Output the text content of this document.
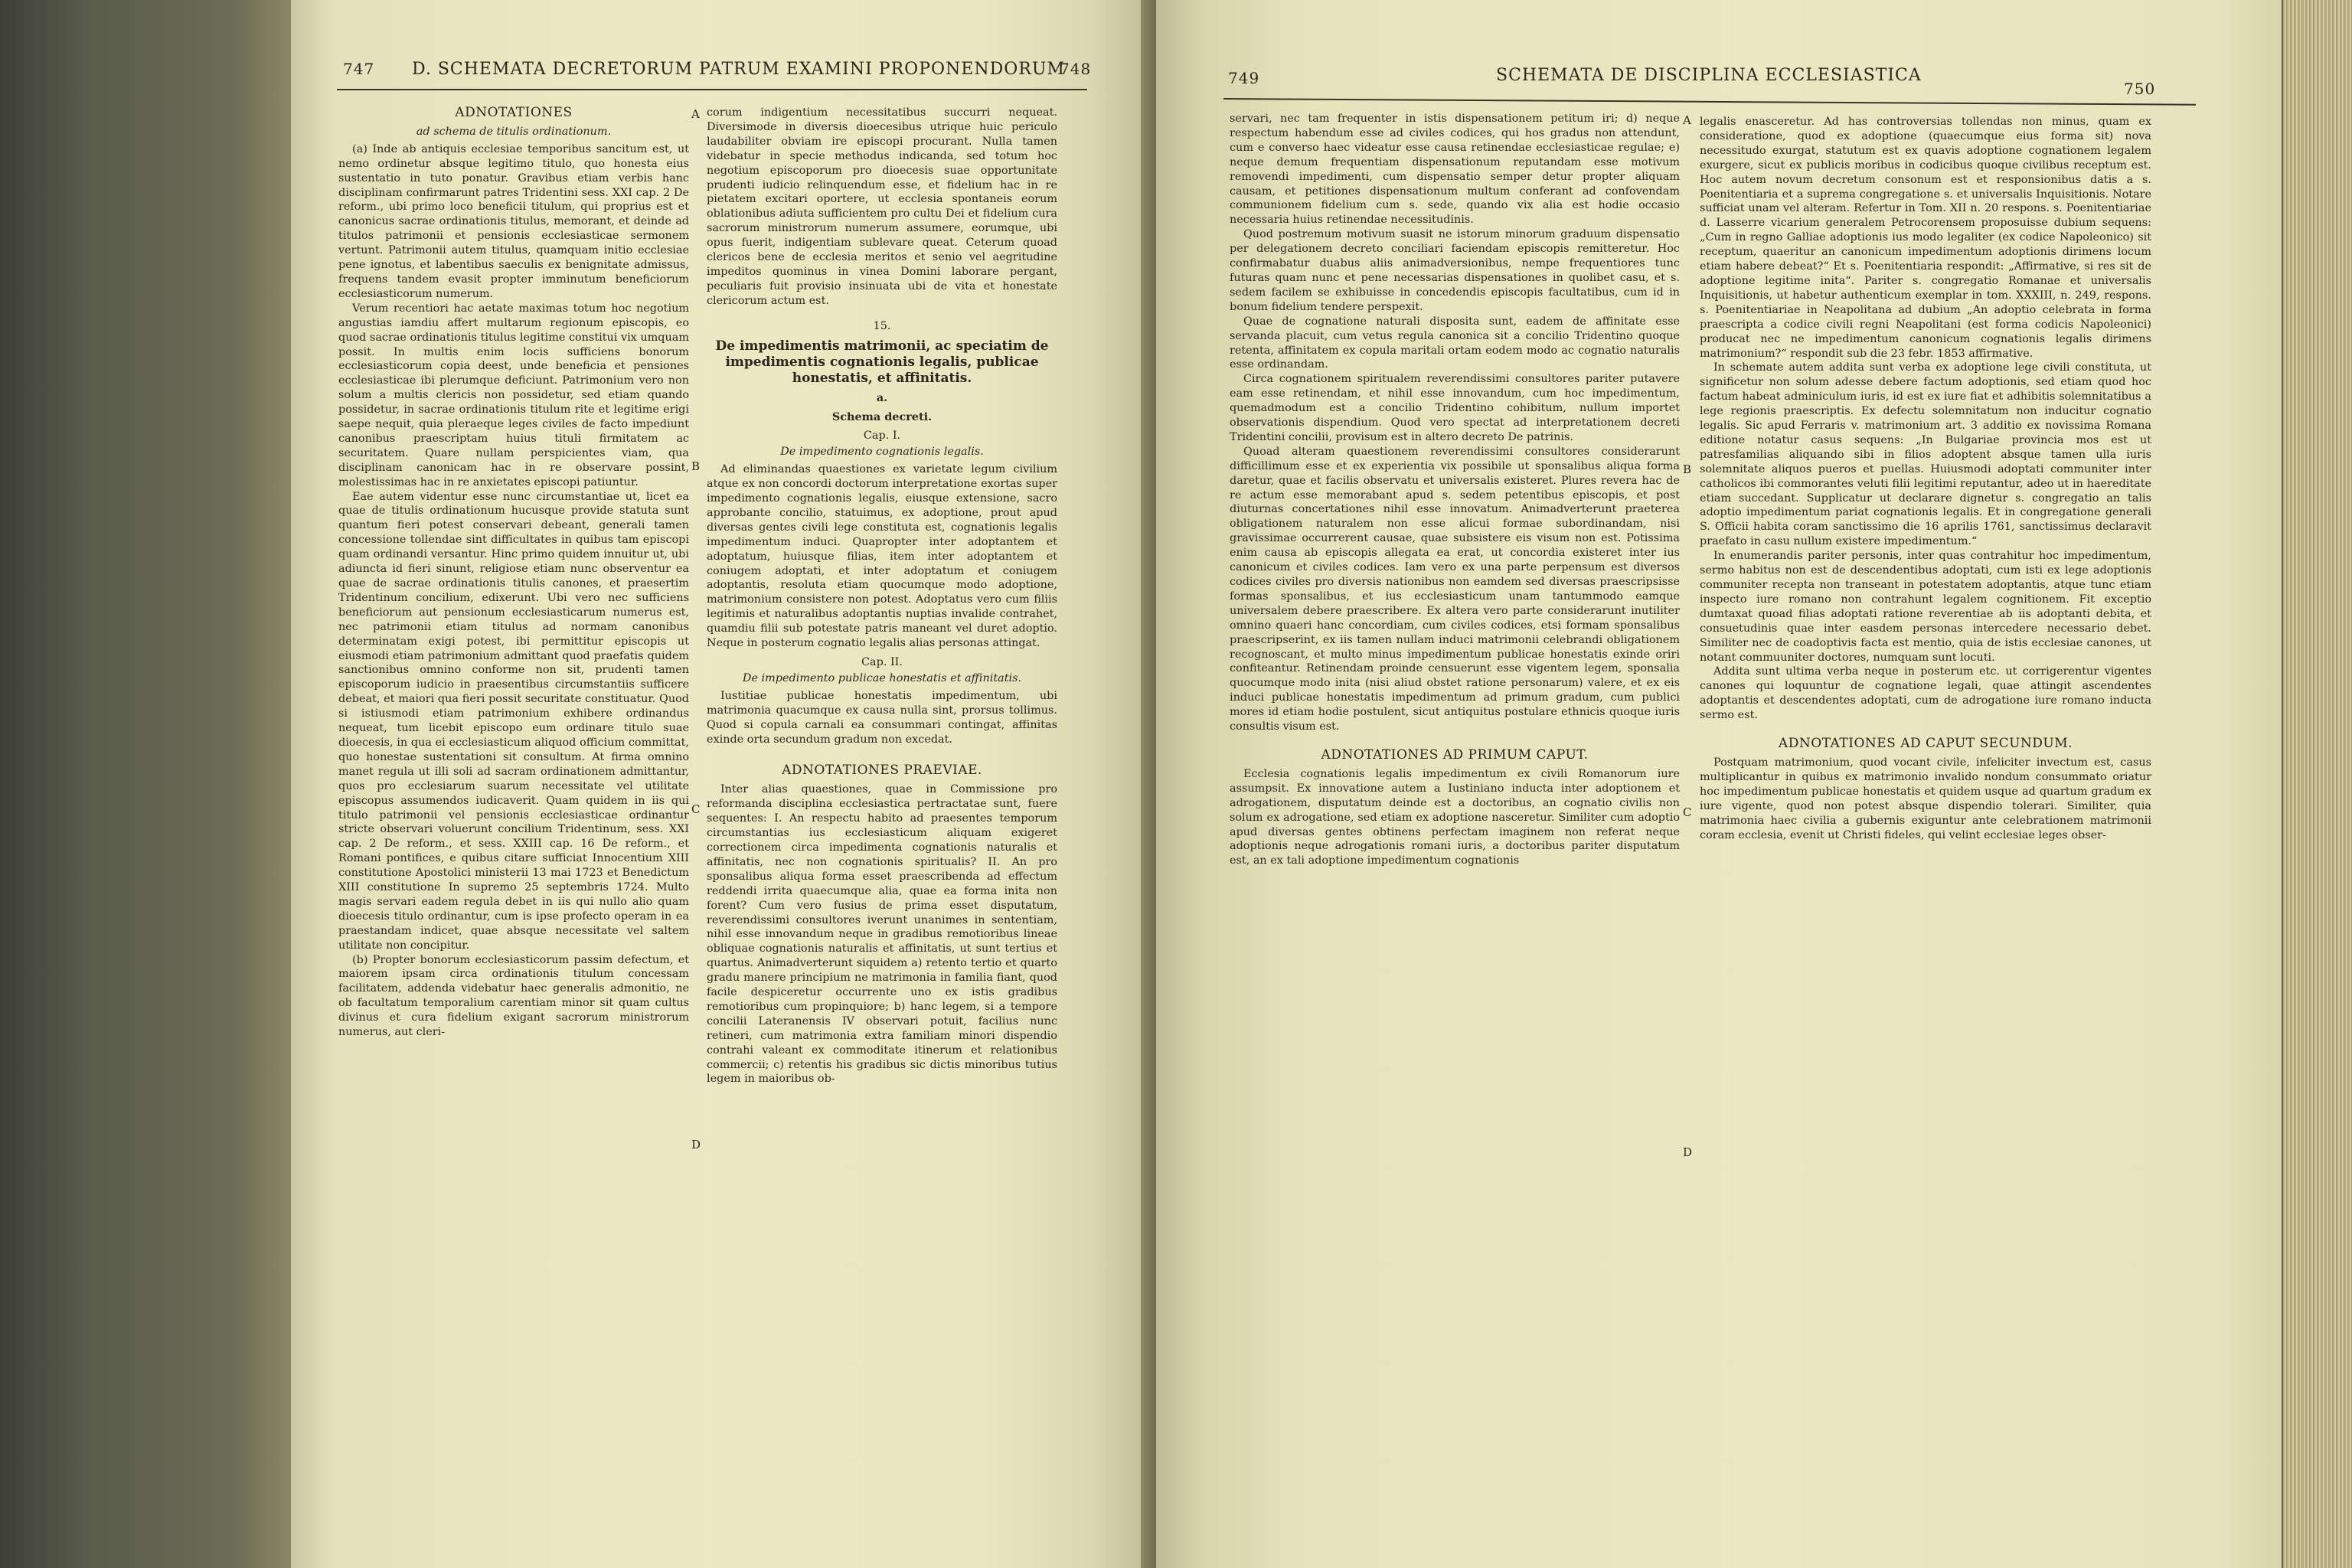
747 D. SCHEMATA DECRETORUM PATRUM EXAMINI PROPONENDORUM
748
ADNOTATIONES

ad schema de titulis ordinationum.

(a) Inde ab antiquis ecclesiae temporibus sancitum est, ut nemo ordinetur absque legitimo titulo, quo honesta eius sustentatio in tuto ponatur. Gravibus etiam verbis hanc disciplinam confirmarunt patres Tridentini sess. XXI cap. 2 De reform., ubi primo loco beneficii titulum, qui proprius est et canonicus sacrae ordinationis titulus, memorant, et deinde ad titulos patrimonii et pensionis ecclesiasticae sermonem vertunt. Patrimonii autem titulus, quamquam initio ecclesiae pene ignotus, et labentibus saeculis ex benignitate admissus, frequens tandem evasit propter imminutum beneficiorum ecclesiasticorum numerum.

Verum recentiori hac aetate maximas totum hoc negotium angustias iamdiu affert multarum regionum episcopis, eo quod sacrae ordinationis titulus legitime constitui vix umquam possit. In multis enim locis sufficiens bonorum ecclesiasticorum copia deest, unde beneficia et pensiones ecclesiasticae ibi plerumque deficiunt. Patrimonium vero non solum a multis clericis non possidetur, sed etiam quando possidetur, in sacrae ordinationis titulum rite et legitime erigi saepe nequit, quia pleraeque leges civiles de facto impediunt canonibus praescriptam huius tituli firmitatem ac securitatem. Quare nullam perspicientes viam, qua disciplinam canonicam hac in re observare possint, molestissimas hac in re anxietates episcopi patiuntur.

Eae autem videntur esse nunc circumstantiae ut, licet ea quae de titulis ordinationum hucusque provide statuta sunt quantum fieri potest conservari debeant, generali tamen concessione tollendae sint difficultates in quibus tam episcopi quam ordinandi versantur. Hinc primo quidem innuitur ut, ubi adiuncta id fieri sinunt, religiose etiam nunc observentur ea quae de sacrae ordinationis titulis canones, et praesertim Tridentinum concilium, edixerunt. Ubi vero nec sufficiens beneficiorum aut pensionum ecclesiasticarum numerus est, nec patrimonii etiam titulus ad normam canonibus determinatam exigi potest, ibi permittitur episcopis ut eiusmodi etiam patrimonium admittant quod praefatis quidem sanctionibus omnino conforme non sit, prudenti tamen episcoporum iudicio in praesentibus circumstantiis sufficere debeat, et maiori qua fieri possit securitate constituatur. Quod si istiusmodi etiam patrimonium exhibere ordinandus nequeat, tum licebit episcopo eum ordinare titulo suae dioecesis, in qua ei ecclesiasticum aliquod officium committat, quo honestae sustentationi sit consultum. At firma omnino manet regula ut illi soli ad sacram ordinationem admittantur, quos pro ecclesiarum suarum necessitate vel utilitate episcopus assumendos iudicaverit. Quam quidem in iis qui titulo patrimonii vel pensionis ecclesiasticae ordinantur stricte observari voluerunt concilium Tridentinum, sess. XXI cap. 2 De reform., et sess. XXIII cap. 16 De reform., et Romani pontifices, e quibus citare sufficiat Innocentium XIII constitutione Apostolici ministerii 13 mai 1723 et Benedictum XIII constitutione In supremo 25 septembris 1724. Multo magis servari eadem regula debet in iis qui nullo alio quam dioecesis titulo ordinantur, cum is ipse profecto operam in ea praestandam indicet, quae absque necessitate vel saltem utilitate non concipitur.

(b) Propter bonorum ecclesiasticorum passim defectum, et maiorem ipsam circa ordinationis titulum concessam facilitatem, addenda videbatur haec generalis admonitio, ne ob facultatum temporalium carentiam minor sit quam cultus divinus et cura fidelium exigant sacrorum ministrorum numerus, aut cleri-

A
B
C
D

corum indigentium necessitatibus succurri nequeat. Diversimode in diversis dioecesibus utrique huic periculo laudabiliter obviam ire episcopi procurant. Nulla tamen videbatur in specie methodus indicanda, sed totum hoc negotium episcoporum pro dioecesis suae opportunitate prudenti iudicio relinquendum esse, et fidelium hac in re pietatem excitari oportere, ut ecclesia spontaneis eorum oblationibus adiuta sufficientem pro cultu Dei et fidelium cura sacrorum ministrorum numerum assumere, eorumque, ubi opus fuerit, indigentiam sublevare queat. Ceterum quoad clericos bene de ecclesia meritos et senio vel aegritudine impeditos quominus in vinea Domini laborare pergant, peculiaris fuit provisio insinuata ubi de vita et honestate clericorum actum est.

15.

De impedimentis matrimonii, ac speciatim de impedimentis cognationis legalis, publicae honestatis, et affinitatis.

a.

Schema decreti.

Cap. I.

De impedimento cognationis legalis.

Ad eliminandas quaestiones ex varietate legum civilium atque ex non concordi doctorum interpretatione exortas super impedimento cognationis legalis, eiusque extensione, sacro approbante concilio, statuimus, ex adoptione, prout apud diversas gentes civili lege constituta est, cognationis legalis impedimentum induci. Quapropter inter adoptantem et adoptatum, huiusque filias, item inter adoptantem et coniugem adoptati, et inter adoptatum et coniugem adoptantis, resoluta etiam quocumque modo adoptione, matrimonium consistere non potest. Adoptatus vero cum filiis legitimis et naturalibus adoptantis nuptias invalide contrahet, quamdiu filii sub potestate patris maneant vel duret adoptio. Neque in posterum cognatio legalis alias personas attingat.

Cap. II.

De impedimento publicae honestatis et affinitatis.

Iustitiae publicae honestatis impedimentum, ubi matrimonia quacumque ex causa nulla sint, prorsus tollimus. Quod si copula carnali ea consummari contingat, affinitas exinde orta secundum gradum non excedat.

ADNOTATIONES PRAEVIAE.

Inter alias quaestiones, quae in Commissione pro reformanda disciplina ecclesiastica pertractatae sunt, fuere sequentes: I. An respectu habito ad praesentes temporum circumstantias ius ecclesiasticum aliquam exigeret correctionem circa impedimenta cognationis naturalis et affinitatis, nec non cognationis spiritualis? II. An pro sponsalibus aliqua forma esset praescribenda ad effectum reddendi irrita quaecumque alia, quae ea forma inita non forent? Cum vero fusius de prima esset disputatum, reverendissimi consultores iverunt unanimes in sententiam, nihil esse innovandum neque in gradibus remotioribus lineae obliquae cognationis naturalis et affinitatis, ut sunt tertius et quartus. Animadverterunt siquidem a) retento tertio et quarto gradu manere principium ne matrimonia in familia fiant, quod facile despiceretur occurrente uno ex istis gradibus remotioribus cum propinquiore; b) hanc legem, si a tempore concilii Lateranensis IV observari potuit, facilius nunc retineri, cum matrimonia extra familiam minori dispendio contrahi valeant ex commoditate itinerum et relationibus commercii; c) retentis his gradibus sic dictis minoribus tutius legem in maioribus ob-

749	SCHEMATA DE DISCIPLINA ECCLESIASTICA
750

servari, nec tam frequenter in istis dispensationem petitum iri; d) neque respectum habendum esse ad civiles codices, qui hos gradus non attendunt, cum e converso haec videatur esse causa retinendae ecclesiasticae regulae; e) neque demum frequentiam dispensationum reputandam esse motivum removendi impedimenti, cum dispensatio semper detur propter aliquam causam, et petitiones dispensationum multum conferant ad confovendam communionem fidelium cum s. sede, quando vix alia est hodie occasio necessaria huius retinendae necessitudinis.

Quod postremum motivum suasit ne istorum minorum graduum dispensatio per delegationem decreto conciliari faciendam episcopis remitteretur. Hoc confirmabatur duabus aliis animadversionibus, nempe frequentiores tunc futuras quam nunc et pene necessarias dispensationes in quolibet casu, et s. sedem facilem se exhibuisse in concedendis episcopis facultatibus, cum id in bonum fidelium tendere perspexit.

Quae de cognatione naturali disposita sunt, eadem de affinitate esse servanda placuit, cum vetus regula canonica sit a concilio Tridentino quoque retenta, affinitatem ex copula maritali ortam eodem modo ac cognatio naturalis esse ordinandam.

Circa cognationem spiritualem reverendissimi consultores pariter putavere eam esse retinendam, et nihil esse innovandum, cum hoc impedimentum, quemadmodum est a concilio Tridentino cohibitum, nullum importet observationis dispendium. Quod vero spectat ad interpretationem decreti Tridentini concilii, provisum est in altero decreto De patrinis.

Quoad alteram quaestionem reverendissimi consultores considerarunt difficillimum esse et ex experientia vix possibile ut sponsalibus aliqua forma daretur, quae et facilis observatu et universalis existeret. Plures revera hac de re actum esse memorabant apud s. sedem petentibus episcopis, et post diuturnas concertationes nihil esse innovatum. Animadverterunt praeterea obligationem naturalem non esse alicui formae subordinandam, nisi gravissimae occurrerent causae, quae subsistere eis visum non est. Potissima enim causa ab episcopis allegata ea erat, ut concordia existeret inter ius canonicum et civiles codices. Iam vero ex una parte perpensum est diversos codices civiles pro diversis nationibus non eamdem sed diversas praescripsisse formas sponsalibus, et ius ecclesiasticum unam tantummodo eamque universalem debere praescribere. Ex altera vero parte considerarunt inutiliter omnino quaeri hanc concordiam, cum civiles codices, etsi formam sponsalibus praescripserint, ex iis tamen nullam induci matrimonii celebrandi obligationem recognoscant, et multo minus impedimentum publicae honestatis exinde oriri confiteantur. Retinendam proinde censuerunt esse vigentem legem, sponsalia quocumque modo inita (nisi aliud obstet ratione personarum) valere, et ex eis induci publicae honestatis impedimentum ad primum gradum, cum publici mores id etiam hodie postulent, sicut antiquitus postulare ethnicis quoque iuris consultis visum est.

ADNOTATIONES AD PRIMUM CAPUT.

Ecclesia cognationis legalis impedimentum ex civili Romanorum iure assumpsit. Ex innovatione autem a Iustiniano inducta inter adoptionem et adrogationem, disputatum deinde est a doctoribus, an cognatio civilis non solum ex adrogatione, sed etiam ex adoptione nasceretur. Similiter cum adoptio apud diversas gentes obtinens perfectam imaginem non referat neque adoptionis neque adrogationis romani iuris, a doctoribus pariter disputatum est, an ex tali adoptione impedimentum cognationis

A
B
C
D

legalis enasceretur. Ad has controversias tollendas non minus, quam ex consideratione, quod ex adoptione (quaecumque eius forma sit) nova necessitudo exurgat, statutum est ex quavis adoptione cognationem legalem exurgere, sicut ex publicis moribus in codicibus quoque civilibus receptum est. Hoc autem novum decretum consonum est et responsionibus datis a s. Poenitentiaria et a suprema congregatione s. et universalis Inquisitionis. Notare sufficiat unam vel alteram. Refertur in Tom. XII n. 20 respons. s. Poenitentiariae d. Lasserre vicarium generalem Petrocorensem proposuisse dubium sequens: „Cum in regno Galliae adoptionis ius modo legaliter (ex codice Napoleonico) sit receptum, quaeritur an canonicum impedimentum adoptionis dirimens locum etiam habere debeat?“ Et s. Poenitentiaria respondit: „Affirmative, si res sit de adoptione legitime inita“. Pariter s. congregatio Romanae et universalis Inquisitionis, ut habetur authenticum exemplar in tom. XXXIII, n. 249, respons. s. Poenitentiariae in Neapolitana ad dubium „An adoptio celebrata in forma praescripta a codice civili regni Neapolitani (est forma codicis Napoleonici) producat nec ne impedimentum canonicum cognationis legalis dirimens matrimonium?“ respondit sub die 23 febr. 1853 affirmative.

In schemate autem addita sunt verba ex adoptione lege civili constituta, ut significetur non solum adesse debere factum adoptionis, sed etiam quod hoc factum habeat adminiculum iuris, id est ex iure fiat et adhibitis solemnitatibus a lege regionis praescriptis. Ex defectu solemnitatum non inducitur cognatio legalis. Sic apud Ferraris v. matrimonium art. 3 additio ex novissima Romana editione notatur casus sequens: „In Bulgariae provincia mos est ut patresfamilias aliquando sibi in filios adoptent absque tamen ulla iuris solemnitate aliquos pueros et puellas. Huiusmodi adoptati communiter inter catholicos ibi commorantes veluti filii legitimi reputantur, adeo ut in haereditate etiam succedant. Supplicatur ut declarare dignetur s. congregatio an talis adoptio impedimentum pariat cognationis legalis. Et in congregatione generali S. Officii habita coram sanctissimo die 16 aprilis 1761, sanctissimus declaravit praefato in casu nullum existere impedimentum.“

In enumerandis pariter personis, inter quas contrahitur hoc impedimentum, sermo habitus non est de descendentibus adoptati, cum isti ex lege adoptionis communiter recepta non transeant in potestatem adoptantis, atque tunc etiam inspecto iure romano non contrahunt legalem cognitionem. Fit exceptio dumtaxat quoad filias adoptati ratione reverentiae ab iis adoptanti debita, et consuetudinis quae inter easdem personas intercedere necessario debet. Similiter nec de coadoptivis facta est mentio, quia de istis ecclesiae canones, ut notant commuuniter doctores, numquam sunt locuti.

Addita sunt ultima verba neque in posterum etc. ut corrigerentur vigentes canones qui loquuntur de cognatione legali, quae attingit ascendentes adoptantis et descendentes adoptati, cum de adrogatione iure romano inducta sermo est.

ADNOTATIONES AD CAPUT SECUNDUM.

Postquam matrimonium, quod vocant civile, infeliciter invectum est, casus multiplicantur in quibus ex matrimonio invalido nondum consummato oriatur hoc impedimentum publicae honestatis et quidem usque ad quartum gradum ex iure vigente, quod non potest absque dispendio tolerari. Similiter, quia matrimonia haec civilia a gubernis exiguntur ante celebrationem matrimonii coram ecclesia, evenit ut Christi fideles, qui velint ecclesiae leges obser-
